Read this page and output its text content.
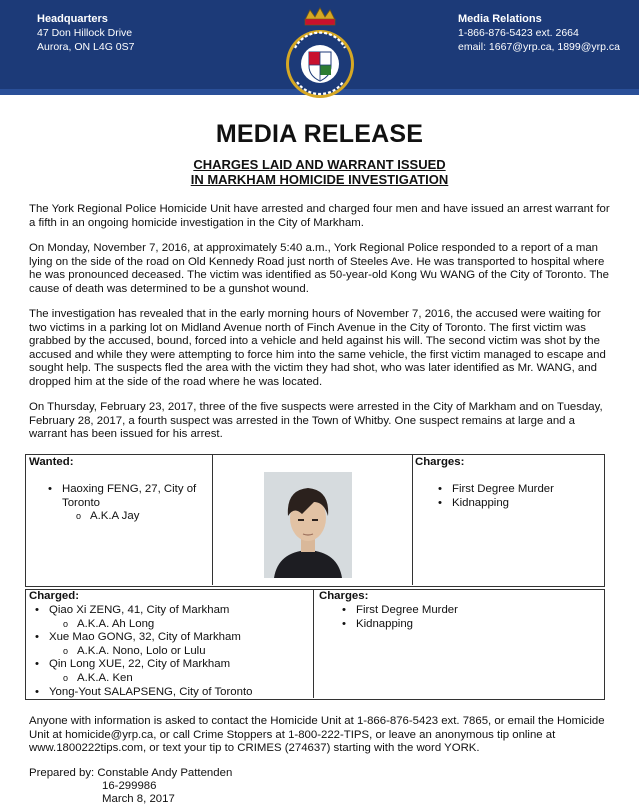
Headquarters
47 Don Hillock Drive
Aurora, ON L4G 0S7
Media Relations
1-866-876-5423 ext. 2664
email: 1667@yrp.ca, 1899@yrp.ca
MEDIA RELEASE
CHARGES LAID AND WARRANT ISSUED
IN MARKHAM HOMICIDE INVESTIGATION
The York Regional Police Homicide Unit have arrested and charged four men and have issued an arrest warrant for a fifth in an ongoing homicide investigation in the City of Markham.
On Monday, November 7, 2016, at approximately 5:40 a.m., York Regional Police responded to a report of a man lying on the side of the road on Old Kennedy Road just north of Steeles Ave. He was transported to hospital where he was pronounced deceased. The victim was identified as 50-year-old Kong Wu WANG of the City of Toronto. The cause of death was determined to be a gunshot wound.
The investigation has revealed that in the early morning hours of November 7, 2016, the accused were waiting for two victims in a parking lot on Midland Avenue north of Finch Avenue in the City of Toronto. The first victim was grabbed by the accused, bound, forced into a vehicle and held against his will. The second victim was shot by the accused and while they were attempting to force him into the same vehicle, the first victim managed to escape and sought help. The suspects fled the area with the victim they had shot, who was later identified as Mr. WANG, and dropped him at the side of the road where he was located.
On Thursday, February 23, 2017, three of the five suspects were arrested in the City of Markham and on Tuesday, February 28, 2017, a fourth suspect was arrested in the Town of Whitby. One suspect remains at large and a warrant has been issued for his arrest.
Wanted:
• Haoxing FENG, 27, City of
Toronto
o A.K.A Jay
Charges:
• First Degree Murder
• Kidnapping
Charged:
• Qiao Xi ZENG, 41, City of Markham
o A.K.A. Ah Long
• Xue Mao GONG, 32, City of Markham
o A.K.A. Nono, Lolo or Lulu
• Qin Long XUE, 22, City of Markham
o A.K.A. Ken
• Yong-Yout SALAPSENG, City of Toronto
Charges:
• First Degree Murder
• Kidnapping
Anyone with information is asked to contact the Homicide Unit at 1-866-876-5423 ext. 7865, or email the Homicide Unit at homicide@yrp.ca, or call Crime Stoppers at 1-800-222-TIPS, or leave an anonymous tip online at www.1800222tips.com, or text your tip to CRIMES (274637) starting with the word YORK.
Prepared by: Constable Andy Pattenden
16-299986
March 8, 2017
